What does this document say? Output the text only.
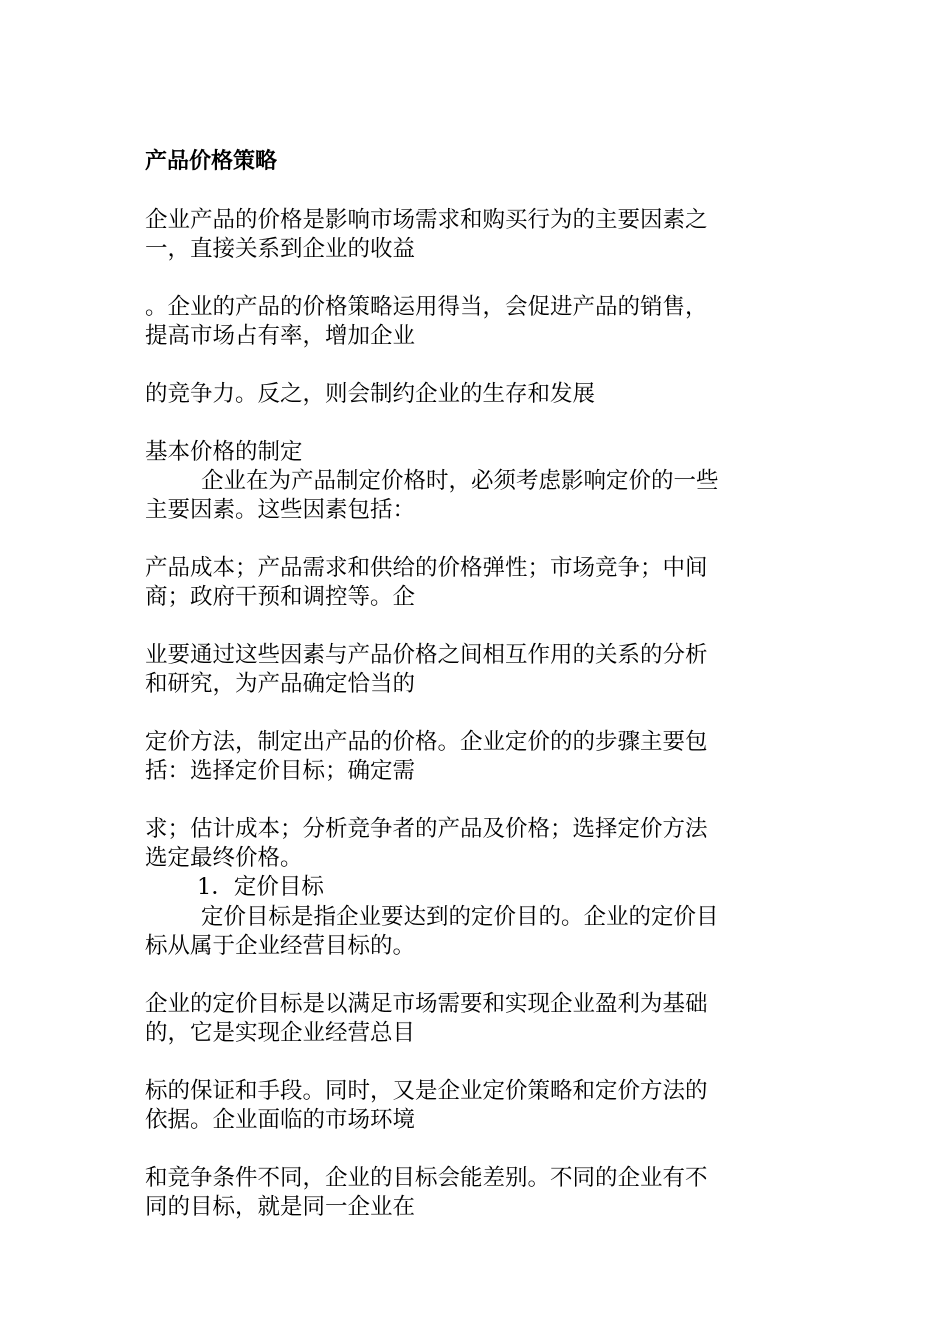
产品价格策略
企业产品的价格是影响市场需求和购买行为的主要因素之
一，直接关系到企业的收益
。企业的产品的价格策略运用得当，会促进产品的销售，
提高市场占有率，增加企业
的竞争力。反之，则会制约企业的生存和发展
基本价格的制定
企业在为产品制定价格时，必须考虑影响定价的一些
主要因素。这些因素包括：
产品成本；产品需求和供给的价格弹性；市场竞争；中间
商；政府干预和调控等。企
业要通过这些因素与产品价格之间相互作用的关系的分析
和研究，为产品确定恰当的
定价方法，制定出产品的价格。企业定价的的步骤主要包
括：选择定价目标；确定需
求；估计成本；分析竞争者的产品及价格；选择定价方法
选定最终价格。
1．定价目标
定价目标是指企业要达到的定价目的。企业的定价目
标从属于企业经营目标的。
企业的定价目标是以满足市场需要和实现企业盈利为基础
的，它是实现企业经营总目
标的保证和手段。同时，又是企业定价策略和定价方法的
依据。企业面临的市场环境
和竞争条件不同，企业的目标会能差别。不同的企业有不
同的目标，就是同一企业在
